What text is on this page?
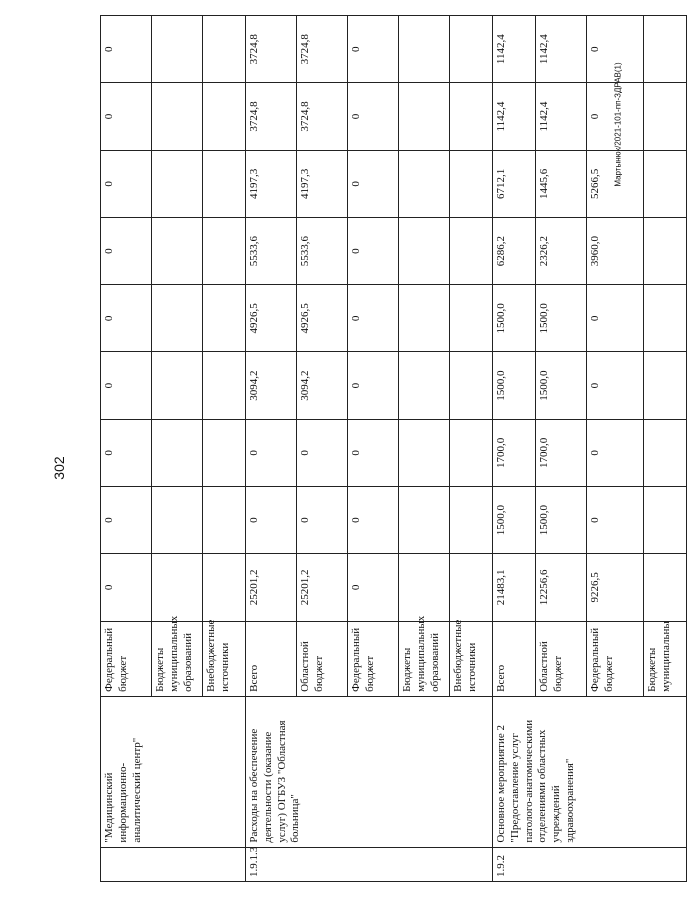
302
Мартынюк/2021-101-пп-ЗДРАВ(1)
	"Медицинский информационно-аналитический центр"	Федеральный бюджет	0	0	0	0	0	0	0	0	0
		Бюджеты муниципальных образований									
		Внебюджетные источники									
1.9.1.3	Расходы на обеспечение деятельности (оказание услуг) ОГБУЗ "Областная больница"	Всего	25201,2	0	0	3094,2	4926,5	5533,6	4197,3	3724,8	3724,8
		Областной бюджет	25201,2	0	0	3094,2	4926,5	5533,6	4197,3	3724,8	3724,8
		Федеральный бюджет	0	0	0	0	0	0	0	0	0
		Бюджеты муниципальных образований									
		Внебюджетные источники									
1.9.2	Основное мероприятие 2 "Предоставление услуг патолого-анатомическими отделениями областных учреждений здравоохранения"	Всего	21483,1	1500,0	1700,0	1500,0	1500,0	6286,2	6712,1	1142,4	1142,4
		Областной бюджет	12256,6	1500,0	1700,0	1500,0	1500,0	2326,2	1445,6	1142,4	1142,4
		Федеральный бюджет	9226,5	0	0	0	0	3960,0	5266,5	0	0
		Бюджеты муниципальны									
